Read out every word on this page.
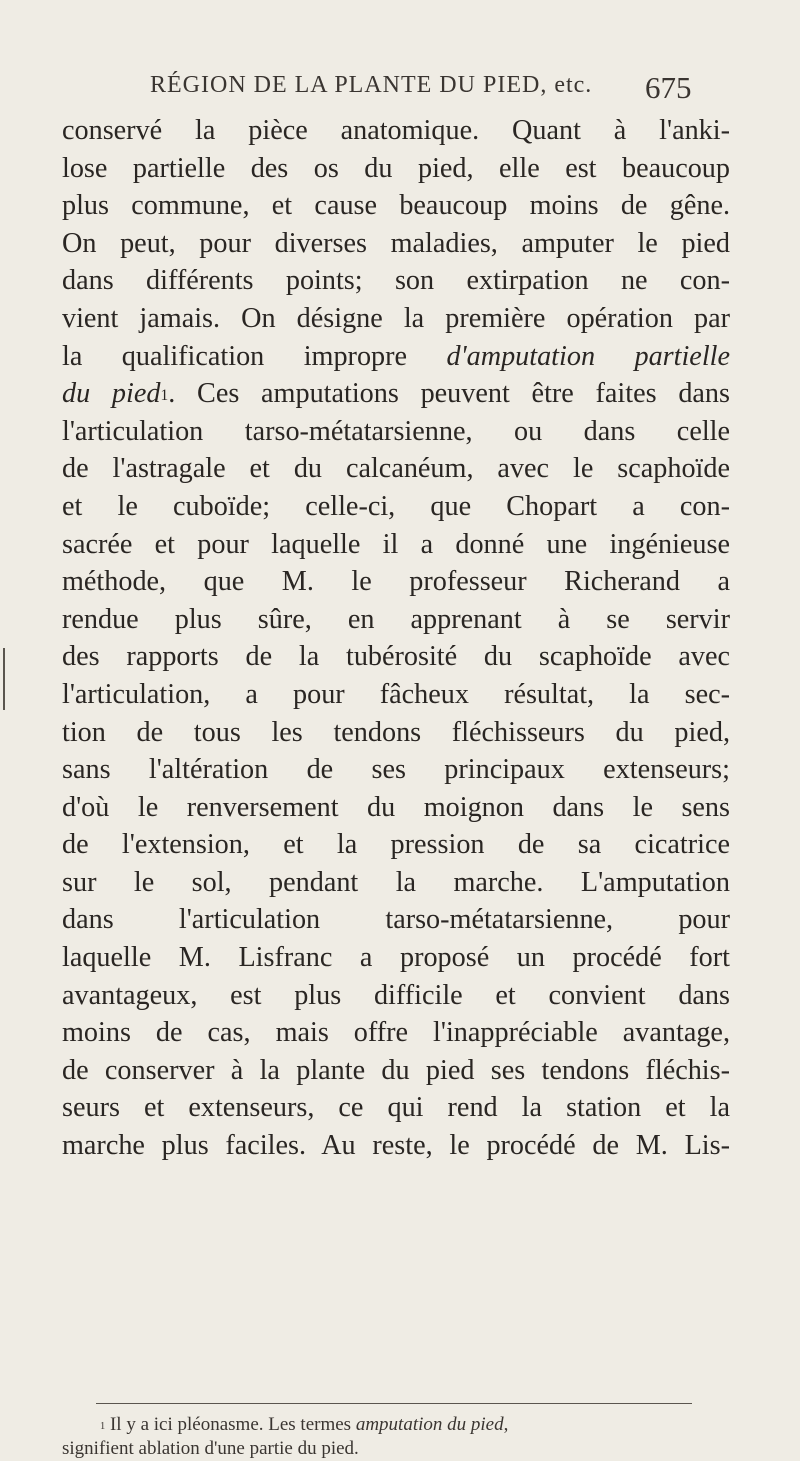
RÉGION DE LA PLANTE DU PIED, etc. 675
conservé la pièce anatomique. Quant à l'anki-
lose partielle des os du pied, elle est beaucoup
plus commune, et cause beaucoup moins de gêne.
On peut, pour diverses maladies, amputer le pied
dans différents points; son extirpation ne con-
vient jamais. On désigne la première opération par
la qualification impropre d'amputation partielle
du pied$^1$. Ces amputations peuvent être faites dans
l'articulation tarso-métatarsienne, ou dans celle
de l'astragale et du calcanéum, avec le scaphoïde
et le cuboïde; celle-ci, que Chopart a con-
sacrée et pour laquelle il a donné une ingénieuse
méthode, que M. le professeur Richerand a
rendue plus sûre, en apprenant à se servir
des rapports de la tubérosité du scaphoïde avec
l'articulation, a pour fâcheux résultat, la sec-
tion de tous les tendons fléchisseurs du pied,
sans l'altération de ses principaux extenseurs;
d'où le renversement du moignon dans le sens
de l'extension, et la pression de sa cicatrice
sur le sol, pendant la marche. L'amputation
dans l'articulation tarso-métatarsienne, pour
laquelle M. Lisfranc a proposé un procédé fort
avantageux, est plus difficile et convient dans
moins de cas, mais offre l'inappréciable avantage,
de conserver à la plante du pied ses tendons fléchis-
seurs et extenseurs, ce qui rend la station et la
marche plus faciles. Au reste, le procédé de M. Lis-
$^1$ Il y a ici pléonasme. Les termes amputation du pied,
signifient ablation d'une partie du pied.
